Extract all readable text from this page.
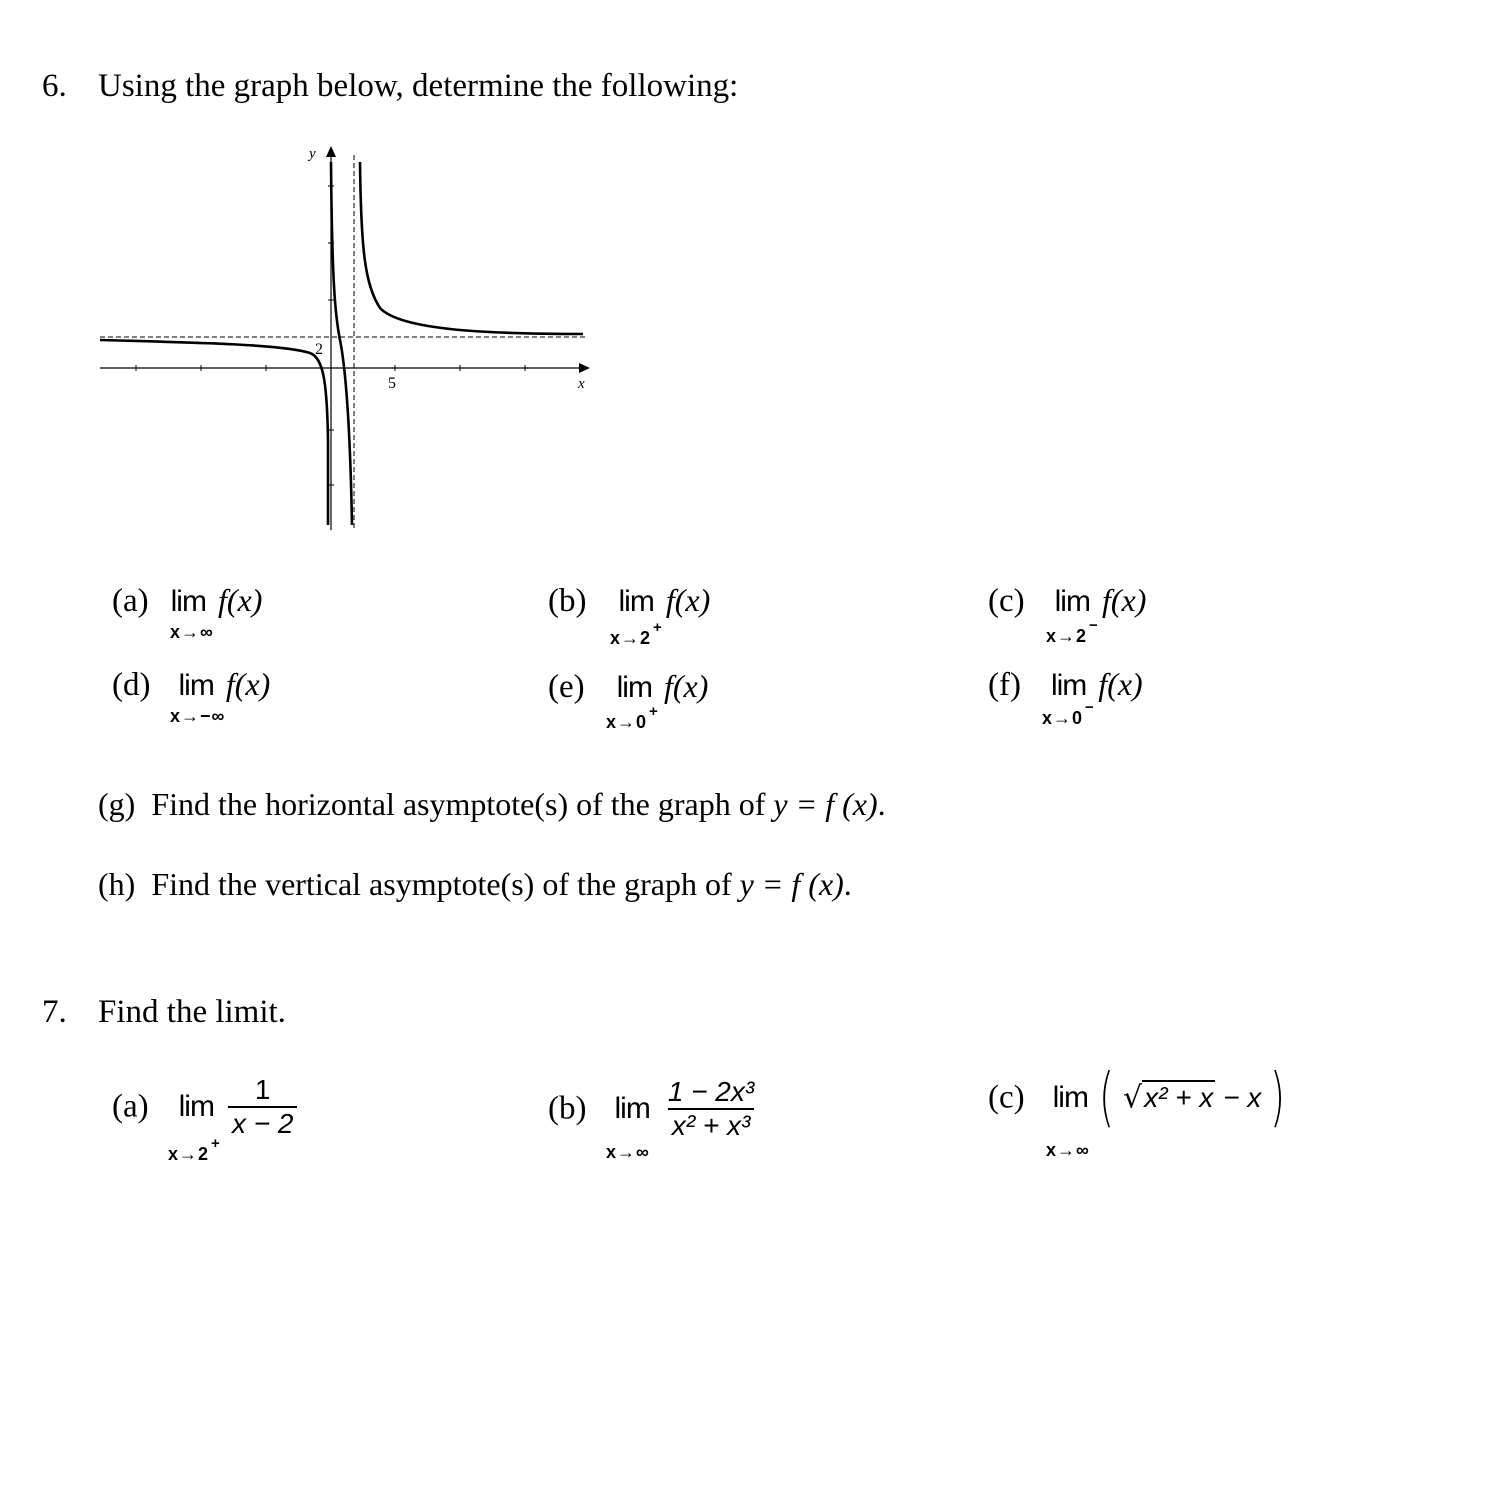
6. Using the graph below, determine the following:
y
x
5
2
(a) lim f(x)
x→∞
(b) lim f(x)
x→2+
(c) lim f(x)
x→2−
(d) lim f(x)
x→−∞
(e) lim f(x)
x→0+
(f) lim f(x)
x→0−
(g) Find the horizontal asymptote(s) of the graph of y = f (x).
(h) Find the vertical asymptote(s) of the graph of y = f (x).
7. Find the limit.
(a) $\lim \frac{1}{x - 2}$
x→2+
(b) $\lim \frac{\text{1 − 2x³}}{\text{x² + x³}}$
x→∞
(c) lim ( √x² + x − x )
x→∞
